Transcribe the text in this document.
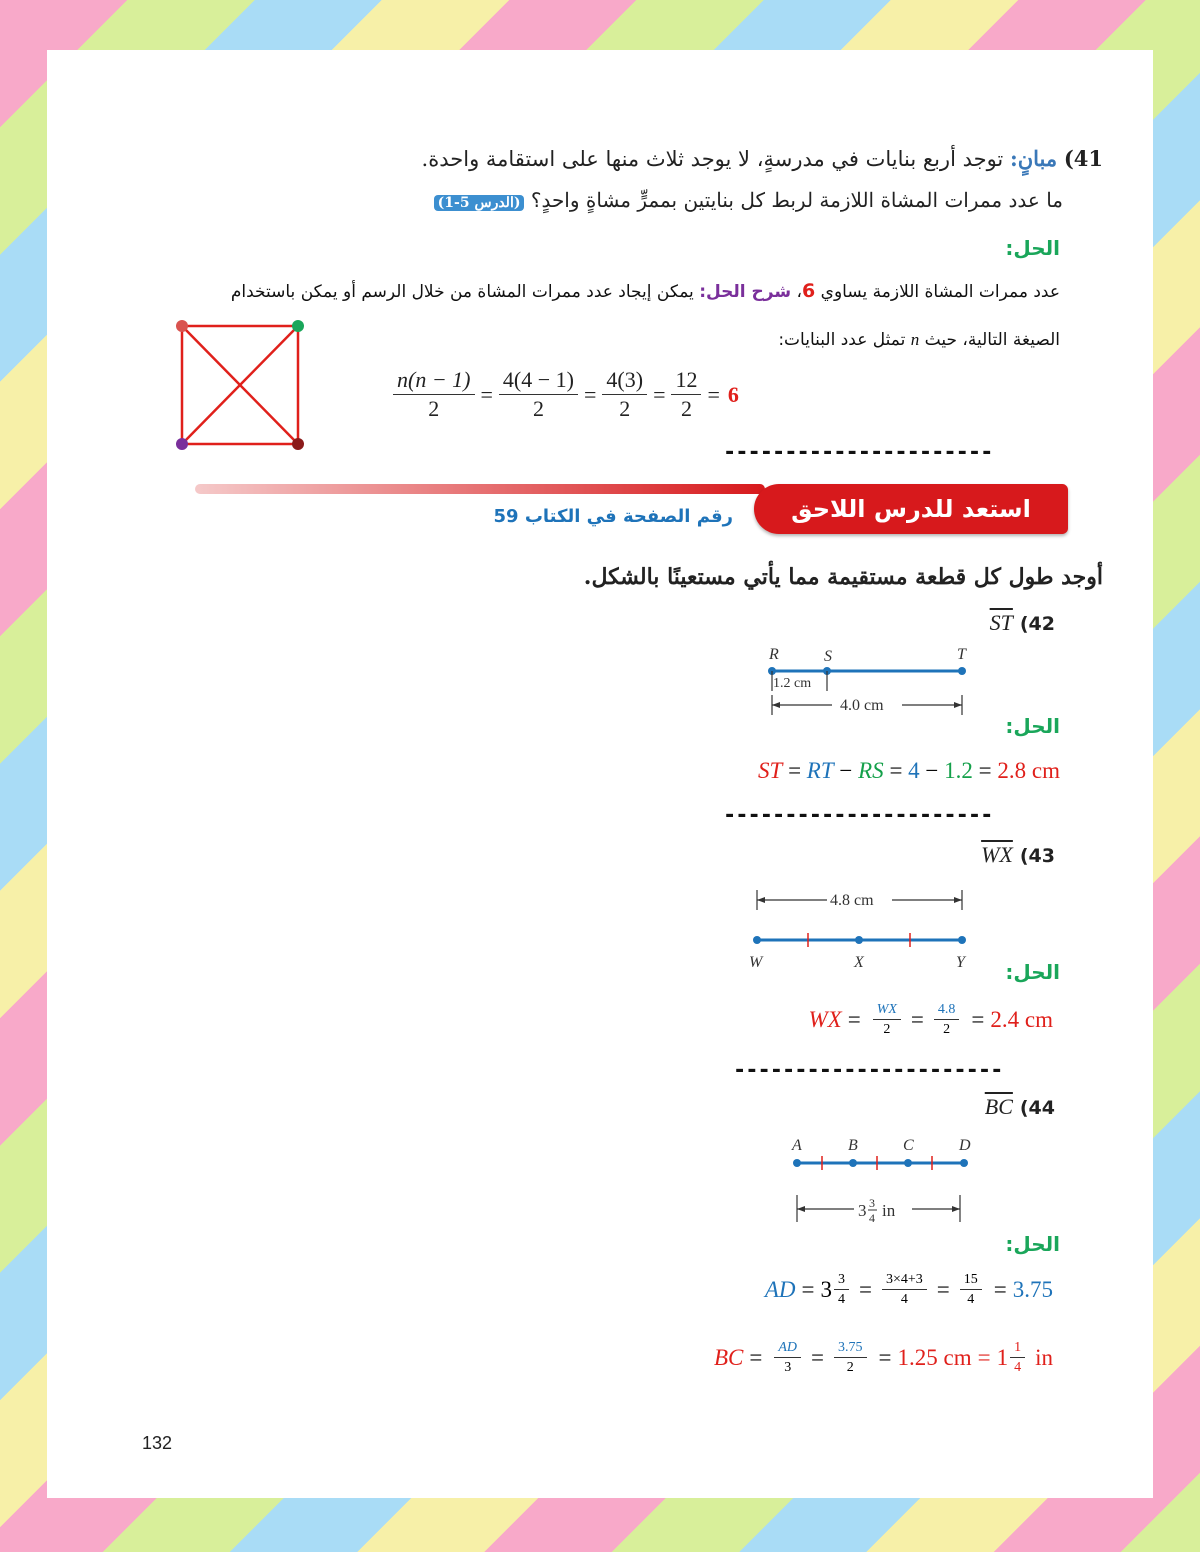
41) مبانٍ: توجد أربع بنايات في مدرسةٍ، لا يوجد ثلاث منها على استقامة واحدة.
ما عدد ممرات المشاة اللازمة لربط كل بنايتين بممرٍّ مشاةٍ واحدٍ؟ (الدرس 5-1)
الحل:
عدد ممرات المشاة اللازمة يساوي 6، شرح الحل: يمكن إيجاد عدد ممرات المشاة من خلال الرسم أو يمكن باستخدام
الصيغة التالية، حيث n تمثل عدد البنايات:
$\frac{n(n - 1)}{2} = \frac{4(4 - 1)}{2} = \frac{4(3)}{2} = \frac{12}{2} = 6$
----------------------
استعد للدرس اللاحق
رقم الصفحة في الكتاب 59
أوجد طول كل قطعة مستقيمة مما يأتي مستعينًا بالشكل.
$\overline{ST}$ (42
R	S	T
1.2 cm
4.0 cm
الحل:
ST = RT − RS = 4 − 1.2 = 2.8 cm
----------------------
$\overline{WX}$ (43
4.8 cm
W	X	Y الحل:
WX = $\frac{WX}{2} = \frac{4.8}{2} = 2.4$ cm
----------------------
$\overline{BC}$ (44
A	B	C	D
3 3
4 in
الحل:
AD = $3 \frac{3}{4} = \frac{3\times 4+3}{4} = \frac{15}{4} = 3.75$
BC = $\frac{AD}{3} = \frac{3.75}{2} = 1.25$ cm = $1 \frac{1}{4}$ in
132
